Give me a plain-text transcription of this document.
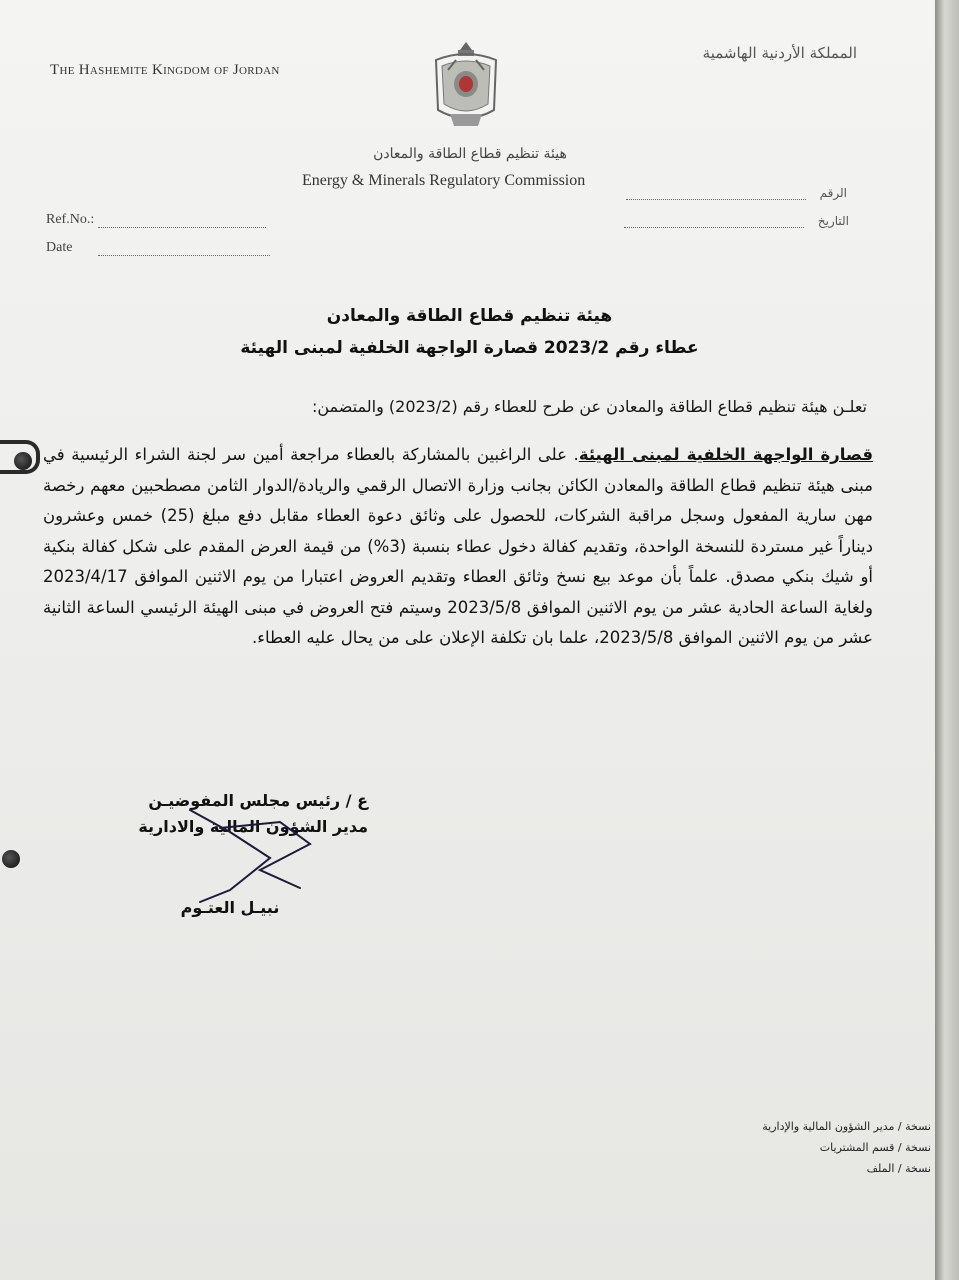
The Hashemite Kingdom of Jordan
المملكة الأردنية الهاشمية
هيئة تنظيم قطاع الطاقة والمعادن
Energy & Minerals Regulatory Commission
Ref.No.:
Date
الرقم
التاريخ
هيئة تنظيم قطاع الطاقة والمعادن
عطاء رقم 2023/2 قصارة الواجهة الخلفية لمبنى الهيئة
تعلـن هيئة تنظيم قطاع الطاقة والمعادن عن طرح للعطاء رقم (2023/2) والمتضمن:
قصارة الواجهة الخلفية لمبنى الهيئة. على الراغبين بالمشاركة بالعطاء مراجعة أمين سر لجنة الشراء الرئيسية في مبنى هيئة تنظيم قطاع الطاقة والمعادن الكائن بجانب وزارة الاتصال الرقمي والريادة/الدوار الثامن مصطحبين معهم رخصة مهن سارية المفعول وسجل مراقبة الشركات، للحصول على وثائق دعوة العطاء مقابل دفع مبلغ (25) خمس وعشرون ديناراً غير مستردة للنسخة الواحدة، وتقديم كفالة دخول عطاء بنسبة (3%) من قيمة العرض المقدم على شكل كفالة بنكية أو شيك بنكي مصدق. علماً بأن موعد بيع نسخ وثائق العطاء وتقديم العروض اعتبارا من يوم الاثنين الموافق 2023/4/17 ولغاية الساعة الحادية عشر من يوم الاثنين الموافق 2023/5/8 وسيتم فتح العروض في مبنى الهيئة الرئيسي الساعة الثانية عشر من يوم الاثنين الموافق 2023/5/8، علما بان تكلفة الإعلان على من يحال عليه العطاء.
ع / رئيس مجلس المفوضيـن
مدير الشؤون المالية والادارية
نبيـل العتـوم
نسخة / مدير الشؤون المالية والإدارية
نسخة / قسم المشتريات
نسخة / الملف
